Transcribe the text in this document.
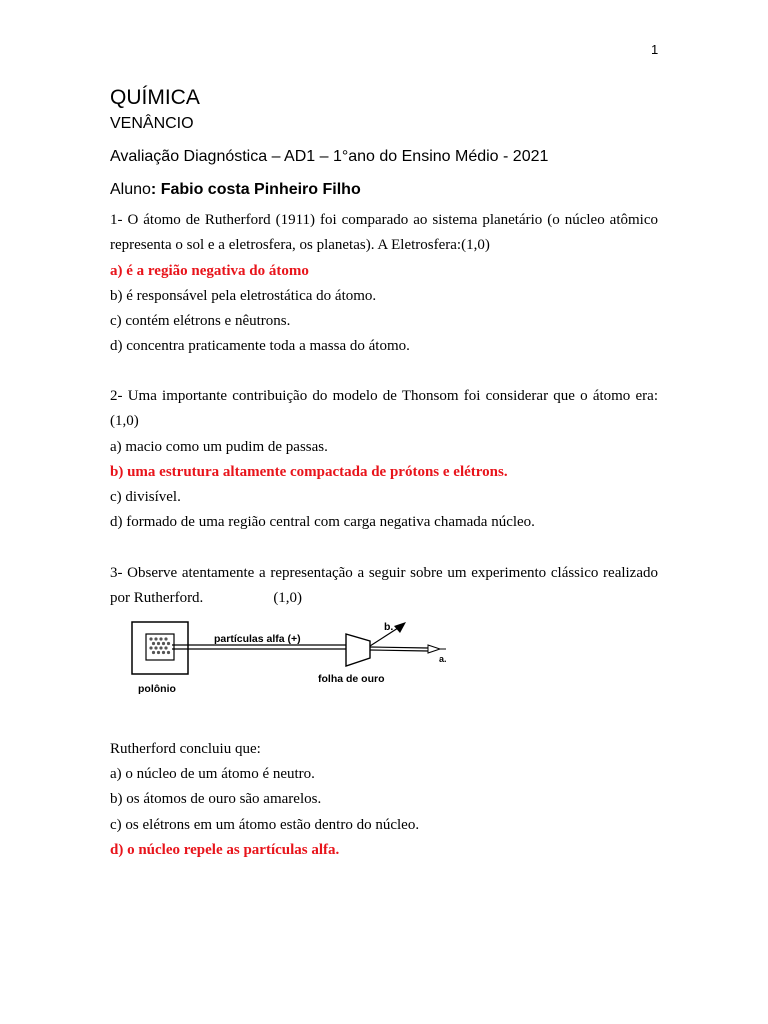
1
QUÍMICA
VENÂNCIO
Avaliação Diagnóstica – AD1 – 1°ano do Ensino Médio - 2021
Aluno: Fabio costa Pinheiro Filho
1- O átomo de Rutherford (1911) foi comparado ao sistema planetário (o núcleo atômico representa o sol e a eletrosfera, os planetas). A Eletrosfera:(1,0)
a) é a região negativa do átomo
b) é responsável pela eletrostática do átomo.
c) contém elétrons e nêutrons.
d) concentra praticamente toda a massa do átomo.
2- Uma importante contribuição do modelo de Thonsom foi considerar que o átomo era: (1,0)
a) macio como um pudim de passas.
b) uma estrutura altamente compactada de prótons e elétrons.
c) divisível.
d) formado de uma região central com carga negativa chamada núcleo.
3- Observe atentamente a representação a seguir sobre um experimento clássico realizado por Rutherford.	(1,0)
partículas alfa (+)
polônio
folha de ouro
b.
a.
Rutherford concluiu que:
a) o núcleo de um átomo é neutro.
b) os átomos de ouro são amarelos.
c) os elétrons em um átomo estão dentro do núcleo.
d) o núcleo repele as partículas alfa.
